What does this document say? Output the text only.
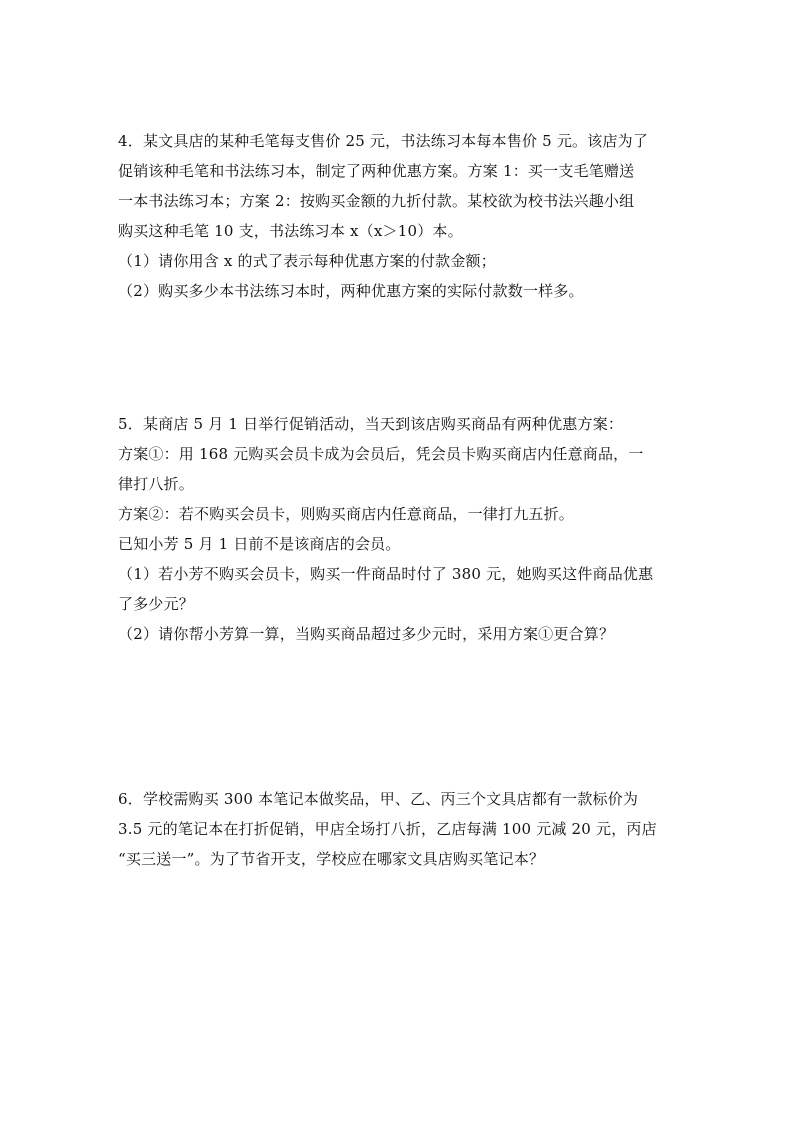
4．某文具店的某种毛笔每支售价 25 元，书法练习本每本售价 5 元。该店为了
促销该种毛笔和书法练习本，制定了两种优惠方案。方案 1：买一支毛笔赠送
一本书法练习本；方案 2：按购买金额的九折付款。某校欲为校书法兴趣小组
购买这种毛笔 10 支，书法练习本 x（x＞10）本。
（1）请你用含 x 的式了表示每种优惠方案的付款金额；
（2）购买多少本书法练习本时，两种优惠方案的实际付款数一样多。
5．某商店 5 月 1 日举行促销活动，当天到该店购买商品有两种优惠方案：
方案①：用 168 元购买会员卡成为会员后，凭会员卡购买商店内任意商品，一
律打八折。
方案②：若不购买会员卡，则购买商店内任意商品，一律打九五折。
已知小芳 5 月 1 日前不是该商店的会员。
（1）若小芳不购买会员卡，购买一件商品时付了 380 元，她购买这件商品优惠
了多少元？
（2）请你帮小芳算一算，当购买商品超过多少元时，采用方案①更合算？
6．学校需购买 300 本笔记本做奖品，甲、乙、丙三个文具店都有一款标价为
3.5 元的笔记本在打折促销，甲店全场打八折，乙店每满 100 元减 20 元，丙店
“买三送一”。为了节省开支，学校应在哪家文具店购买笔记本？
